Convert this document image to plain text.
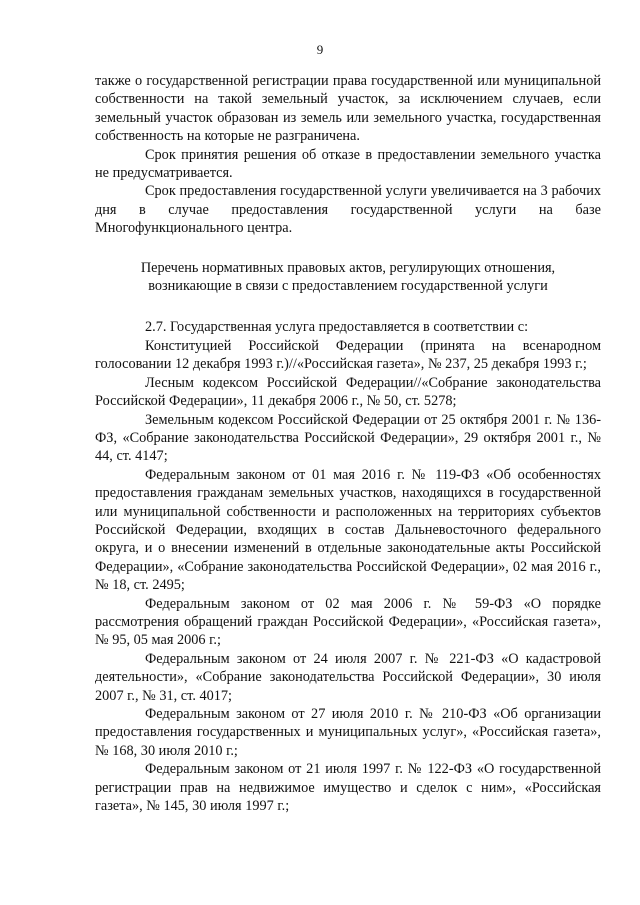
9

также о государственной регистрации права государственной или муниципальной собственности на такой земельный участок, за исключением случаев, если земельный участок образован из земель или земельного участка, государственная собственность на которые не разграничена.

Срок принятия решения об отказе в предоставлении земельного участка не предусматривается.

Срок предоставления государственной услуги увеличивается на 3 рабочих дня в случае предоставления государственной услуги на базе Многофункционального центра.

Перечень нормативных правовых актов, регулирующих отношения,
возникающие в связи с предоставлением государственной услуги

2.7. Государственная услуга предоставляется в соответствии с:

Конституцией Российской Федерации (принята на всенародном голосовании 12 декабря 1993 г.)//«Российская газета», № 237, 25 декабря 1993 г.;

Лесным кодексом Российской Федерации//«Собрание законодательства Российской Федерации», 11 декабря 2006 г., № 50, ст. 5278;

Земельным кодексом Российской Федерации от 25 октября 2001 г. № 136-ФЗ, «Собрание законодательства Российской Федерации», 29 октября 2001 г., № 44, ст. 4147;

Федеральным законом от 01 мая 2016 г. № 119-ФЗ «Об особенностях предоставления гражданам земельных участков, находящихся в государственной или муниципальной собственности и расположенных на территориях субъектов Российской Федерации, входящих в состав Дальневосточного федерального округа, и о внесении изменений в отдельные законодательные акты Российской Федерации», «Собрание законодательства Российской Федерации», 02 мая 2016 г., № 18, ст. 2495;

Федеральным законом от 02 мая 2006 г. № 59-ФЗ «О порядке рассмотрения обращений граждан Российской Федерации», «Российская газета», № 95, 05 мая 2006 г.;

Федеральным законом от 24 июля 2007 г. № 221-ФЗ «О кадастровой деятельности», «Собрание законодательства Российской Федерации», 30 июля 2007 г., № 31, ст. 4017;

Федеральным законом от 27 июля 2010 г. № 210-ФЗ «Об организации предоставления государственных и муниципальных услуг», «Российская газета», № 168, 30 июля 2010 г.;

Федеральным законом от 21 июля 1997 г. № 122-ФЗ «О государственной регистрации прав на недвижимое имущество и сделок с ним», «Российская газета», № 145, 30 июля 1997 г.;
